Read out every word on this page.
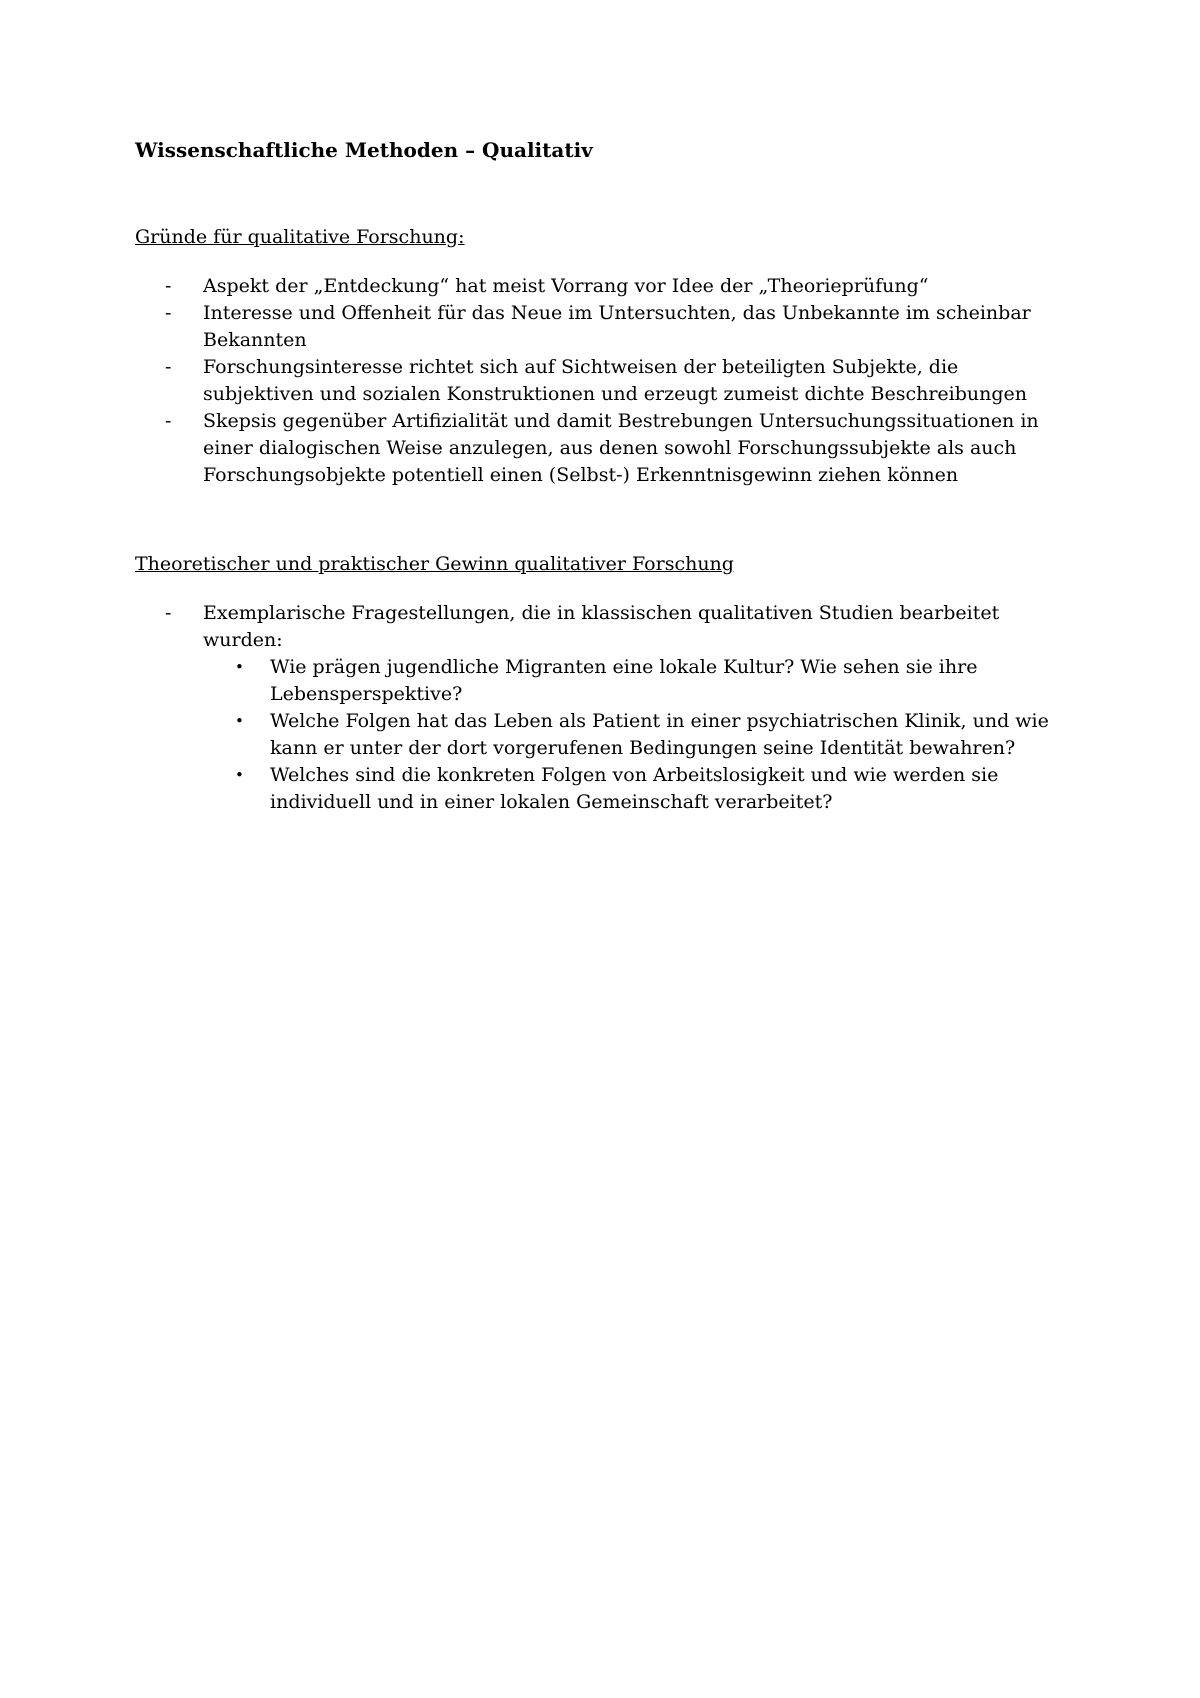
Wissenschaftliche Methoden – Qualitativ
Gründe für qualitative Forschung:
- Aspekt der „Entdeckung“ hat meist Vorrang vor Idee der „Theorieprüfung“
- Interesse und Offenheit für das Neue im Untersuchten, das Unbekannte im scheinbar Bekannten
- Forschungsinteresse richtet sich auf Sichtweisen der beteiligten Subjekte, die subjektiven und sozialen Konstruktionen und erzeugt zumeist dichte Beschreibungen
- Skepsis gegenüber Artifizialität und damit Bestrebungen Untersuchungssituationen in einer dialogischen Weise anzulegen, aus denen sowohl Forschungssubjekte als auch Forschungsobjekte potentiell einen (Selbst-) Erkenntnisgewinn ziehen können
Theoretischer und praktischer Gewinn qualitativer Forschung
- Exemplarische Fragestellungen, die in klassischen qualitativen Studien bearbeitet wurden:
• Wie prägen jugendliche Migranten eine lokale Kultur? Wie sehen sie ihre Lebensperspektive?
• Welche Folgen hat das Leben als Patient in einer psychiatrischen Klinik, und wie kann er unter der dort vorgerufenen Bedingungen seine Identität bewahren?
• Welches sind die konkreten Folgen von Arbeitslosigkeit und wie werden sie individuell und in einer lokalen Gemeinschaft verarbeitet?
